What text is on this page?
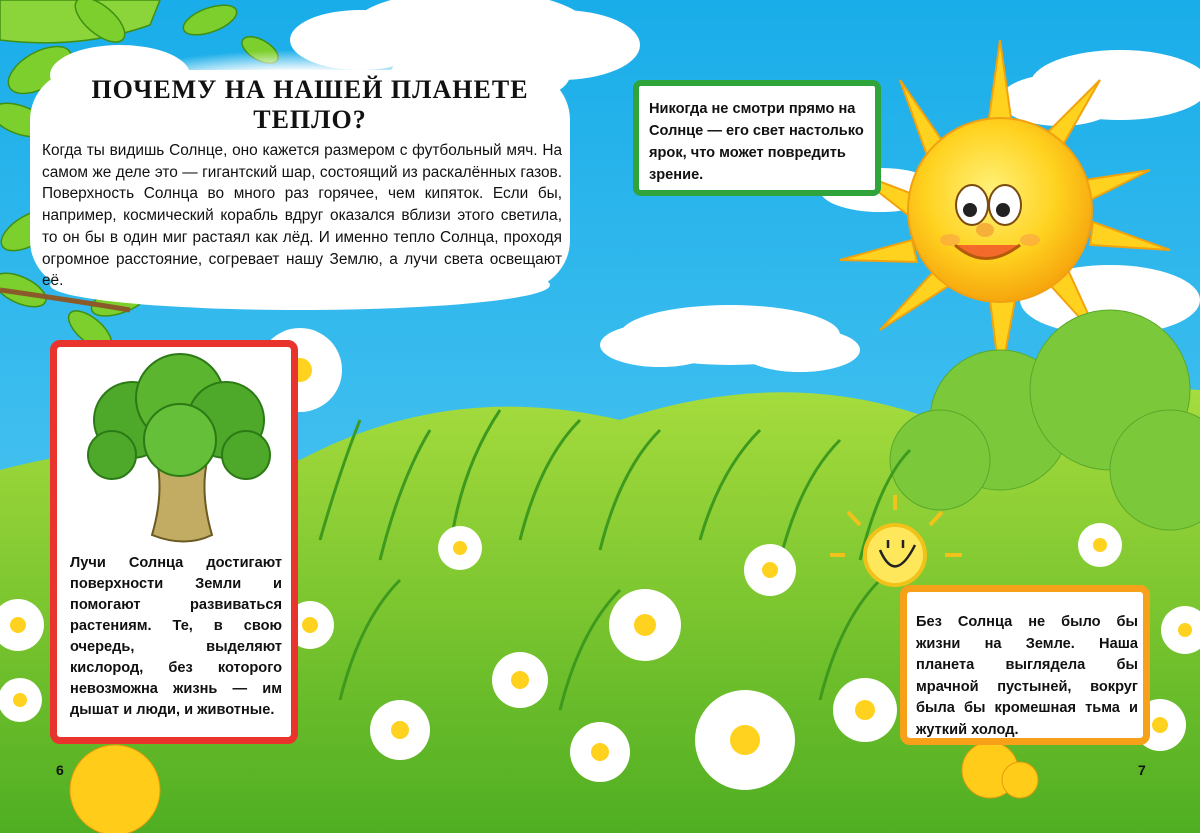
ПОЧЕМУ НА НАШЕЙ ПЛАНЕТЕ ТЕПЛО?

Когда ты видишь Солнце, оно кажется размером с футбольный мяч. На самом же деле это — гигантский шар, состоящий из раскалённых газов. Поверхность Солнца во много раз горячее, чем кипяток. Если бы, например, космический корабль вдруг оказался вблизи этого светила, то он бы в один миг растаял как лёд. И именно тепло Солнца, проходя огромное расстояние, согревает нашу Землю, а лучи света освещают её.

Никогда не смотри прямо на Солнце — его свет настолько ярок, что может повредить зрение.

Лучи Солнца достигают поверхности Земли и помогают развиваться растениям. Те, в свою очередь, выделяют кислород, без которого невозможна жизнь — им дышат и люди, и животные.

Без Солнца не было бы жизни на Земле. Наша планета выглядела бы мрачной пустыней, вокруг была бы кромешная тьма и жуткий холод.

6	7
